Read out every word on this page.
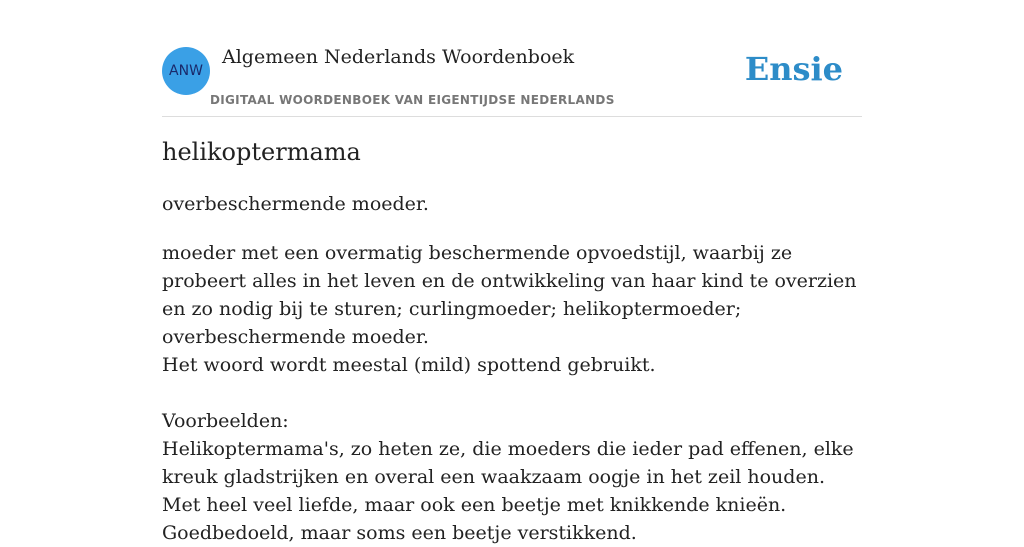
ANW
Algemeen Nederlands Woordenboek
DIGITAAL WOORDENBOEK VAN EIGENTIJDSE NEDERLANDS
Ensie
helikoptermama
overbeschermende moeder.

moeder met een overmatig beschermende opvoedstijl, waarbij ze probeert alles in het leven en de ontwikkeling van haar kind te overzien en zo nodig bij te sturen; curlingmoeder; helikoptermoeder; overbeschermende moeder.

Het woord wordt meestal (mild) spottend gebruikt.

Voorbeelden:

Helikoptermama's, zo heten ze, die moeders die ieder pad effenen, elke kreuk gladstrijken en overal een waakzaam oogje in het zeil houden. Met heel veel liefde, maar ook een beetje met knikkende knieën. Goedbedoeld, maar soms een beetje verstikkend.
